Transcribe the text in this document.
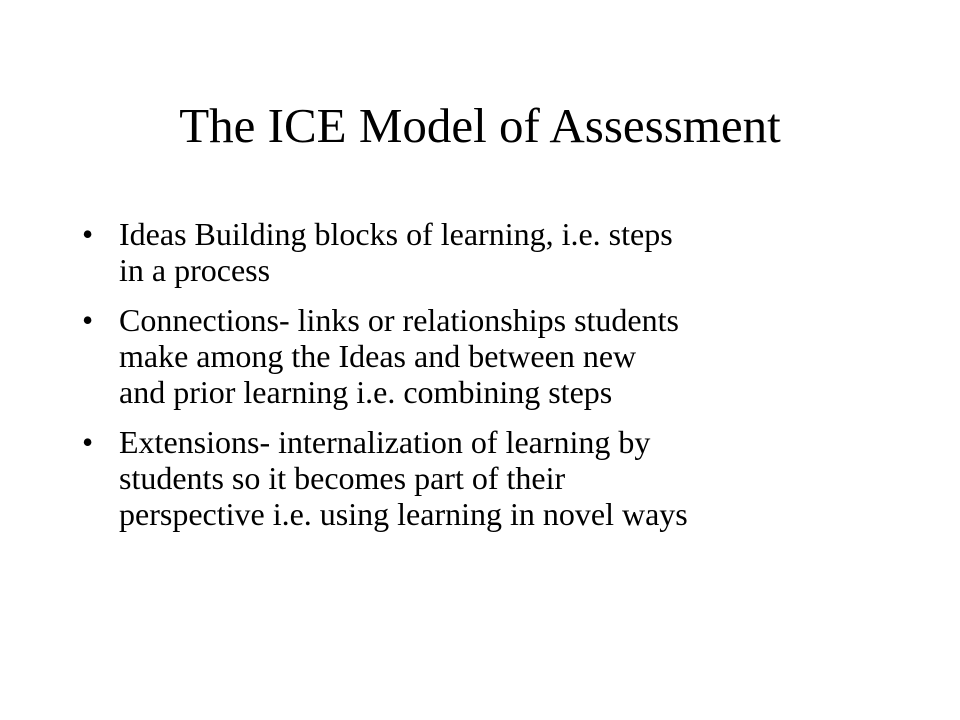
The ICE Model of Assessment
• Ideas Building blocks of learning, i.e. steps
in a process
• Connections- links or relationships students
make among the Ideas and between new
and prior learning i.e. combining steps
• Extensions- internalization of learning by
students so it becomes part of their
perspective i.e. using learning in novel ways
